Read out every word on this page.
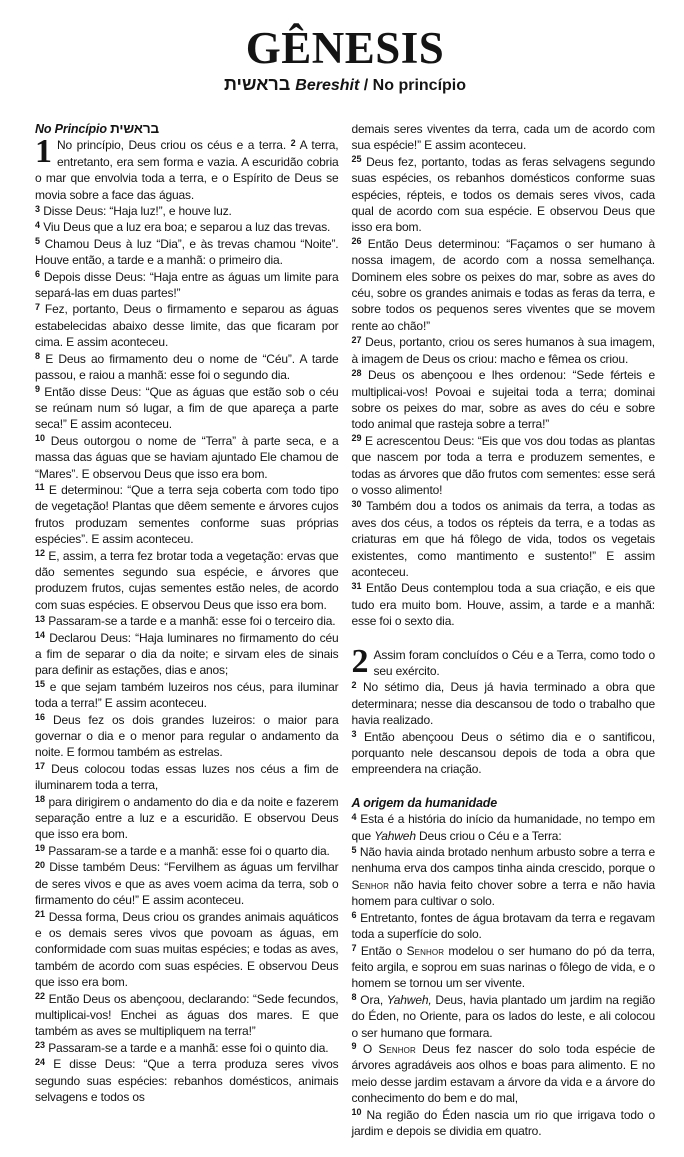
GÊNESIS
בראשית Bereshit / No princípio

No Princípio בראשית

1 No princípio, Deus criou os céus e a terra. $^2$ A terra, entretanto, era sem forma e vazia. A escuridão cobria o mar que envolvia toda a terra, e o Espírito de Deus se movia sobre a face das águas.

$^3$ Disse Deus: “Haja luz!”, e houve luz.

$^4$ Viu Deus que a luz era boa; e separou a luz das trevas.

$^5$ Chamou Deus à luz “Dia”, e às trevas chamou “Noite”. Houve então, a tarde e a manhã: o primeiro dia.

$^6$ Depois disse Deus: “Haja entre as águas um limite para separá-las em duas partes!”

$^7$ Fez, portanto, Deus o firmamento e separou as águas estabelecidas abaixo desse limite, das que ficaram por cima. E assim aconteceu.

$^8$ E Deus ao firmamento deu o nome de “Céu”. A tarde passou, e raiou a manhã: esse foi o segundo dia.

$^9$ Então disse Deus: “Que as águas que estão sob o céu se reúnam num só lugar, a fim de que apareça a parte seca!” E assim aconteceu.

$^{10}$ Deus outorgou o nome de “Terra” à parte seca, e a massa das águas que se haviam ajuntado Ele chamou de “Mares”. E observou Deus que isso era bom.

$^{11}$ E determinou: “Que a terra seja coberta com todo tipo de vegetação! Plantas que dêem semente e árvores cujos frutos produzam sementes conforme suas próprias espécies”. E assim aconteceu.

$^{12}$ E, assim, a terra fez brotar toda a vegetação: ervas que dão sementes segundo sua espécie, e árvores que produzem frutos, cujas sementes estão neles, de acordo com suas espécies. E observou Deus que isso era bom.

$^{13}$ Passaram-se a tarde e a manhã: esse foi o terceiro dia.

$^{14}$ Declarou Deus: “Haja luminares no firmamento do céu a fim de separar o dia da noite; e sirvam eles de sinais para definir as estações, dias e anos;

$^{15}$ e que sejam também luzeiros nos céus, para iluminar toda a terra!” E assim aconteceu.

$^{16}$ Deus fez os dois grandes luzeiros: o maior para governar o dia e o menor para regular o andamento da noite. E formou também as estrelas.

$^{17}$ Deus colocou todas essas luzes nos céus a fim de iluminarem toda a terra,

$^{18}$ para dirigirem o andamento do dia e da noite e fazerem separação entre a luz e a escuridão. E observou Deus que isso era bom.

$^{19}$ Passaram-se a tarde e a manhã: esse foi o quarto dia.

$^{20}$ Disse também Deus: “Fervilhem as águas um fervilhar de seres vivos e que as aves voem acima da terra, sob o firmamento do céu!” E assim aconteceu.

$^{21}$ Dessa forma, Deus criou os grandes animais aquáticos e os demais seres vivos que povoam as águas, em conformidade com suas muitas espécies; e todas as aves, também de acordo com suas espécies. E observou Deus que isso era bom.

$^{22}$ Então Deus os abençoou, declarando: “Sede fecundos, multiplicai-vos! Enchei as águas dos mares. E que também as aves se multipliquem na terra!”

$^{23}$ Passaram-se a tarde e a manhã: esse foi o quinto dia.

$^{24}$ E disse Deus: “Que a terra produza seres vivos segundo suas espécies: rebanhos domésticos, animais selvagens e todos os

demais seres viventes da terra, cada um de acordo com sua espécie!” E assim aconteceu.

$^{25}$ Deus fez, portanto, todas as feras selvagens segundo suas espécies, os rebanhos domésticos conforme suas espécies, répteis, e todos os demais seres vivos, cada qual de acordo com sua espécie. E observou Deus que isso era bom.

$^{26}$ Então Deus determinou: “Façamos o ser humano à nossa imagem, de acordo com a nossa semelhança. Dominem eles sobre os peixes do mar, sobre as aves do céu, sobre os grandes animais e todas as feras da terra, e sobre todos os pequenos seres viventes que se movem rente ao chão!”

$^{27}$ Deus, portanto, criou os seres humanos à sua imagem, à imagem de Deus os criou: macho e fêmea os criou.

$^{28}$ Deus os abençoou e lhes ordenou: “Sede férteis e multiplicai-vos! Povoai e sujeitai toda a terra; dominai sobre os peixes do mar, sobre as aves do céu e sobre todo animal que rasteja sobre a terra!”

$^{29}$ E acrescentou Deus: “Eis que vos dou todas as plantas que nascem por toda a terra e produzem sementes, e todas as árvores que dão frutos com sementes: esse será o vosso alimento!

$^{30}$ Também dou a todos os animais da terra, a todas as aves dos céus, a todos os répteis da terra, e a todas as criaturas em que há fôlego de vida, todos os vegetais existentes, como mantimento e sustento!” E assim aconteceu.

$^{31}$ Então Deus contemplou toda a sua criação, e eis que tudo era muito bom. Houve, assim, a tarde e a manhã: esse foi o sexto dia.

2 Assim foram concluídos o Céu e a Terra, como todo o seu exército.

$^2$ No sétimo dia, Deus já havia terminado a obra que determinara; nesse dia descansou de todo o trabalho que havia realizado.

$^3$ Então abençoou Deus o sétimo dia e o santificou, porquanto nele descansou depois de toda a obra que empreendera na criação.

A origem da humanidade

$^4$ Esta é a história do início da humanidade, no tempo em que Yahweh Deus criou o Céu e a Terra:

$^5$ Não havia ainda brotado nenhum arbusto sobre a terra e nenhuma erva dos campos tinha ainda crescido, porque o Senhor não havia feito chover sobre a terra e não havia homem para cultivar o solo.

$^6$ Entretanto, fontes de água brotavam da terra e regavam toda a superfície do solo.

$^7$ Então o Senhor modelou o ser humano do pó da terra, feito argila, e soprou em suas narinas o fôlego de vida, e o homem se tornou um ser vivente.

$^8$ Ora, Yahweh, Deus, havia plantado um jardim na região do Éden, no Oriente, para os lados do leste, e ali colocou o ser humano que formara.

$^9$ O Senhor Deus fez nascer do solo toda espécie de árvores agradáveis aos olhos e boas para alimento. E no meio desse jardim estavam a árvore da vida e a árvore do conhecimento do bem e do mal,

$^{10}$ Na região do Éden nascia um rio que irrigava todo o jardim e depois se dividia em quatro.
